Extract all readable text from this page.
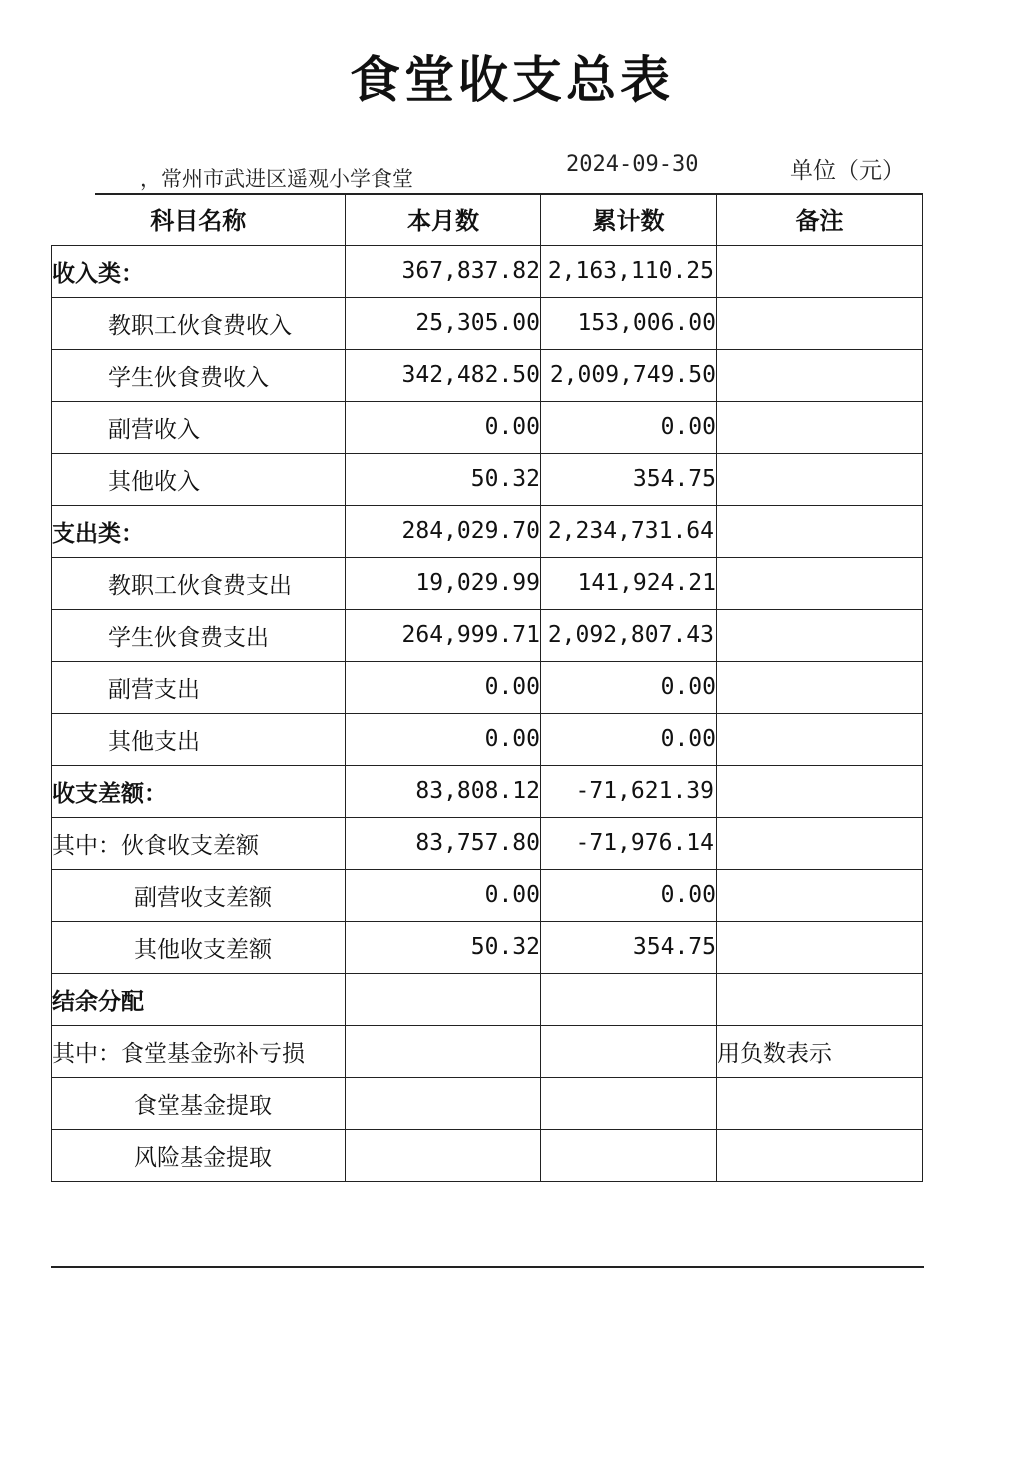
食堂收支总表
，常州市武进区遥观小学食堂
2024-09-30	单位（元）
科目名称	本月数	累计数	备注
收入类：	367,837.82	2,163,110.25	
教职工伙食费收入	25,305.00	153,006.00	
学生伙食费收入	342,482.50	2,009,749.50	
副营收入	0.00	0.00	
其他收入	50.32	354.75	
支出类：	284,029.70	2,234,731.64	
教职工伙食费支出	19,029.99	141,924.21	
学生伙食费支出	264,999.71	2,092,807.43	
副营支出	0.00	0.00	
其他支出	0.00	0.00	
收支差额：	83,808.12	-71,621.39	
其中：伙食收支差额	83,757.80	-71,976.14	
副营收支差额	0.00	0.00	
其他收支差额	50.32	354.75	
结余分配			
其中：食堂基金弥补亏损			用负数表示
食堂基金提取			
风险基金提取			
